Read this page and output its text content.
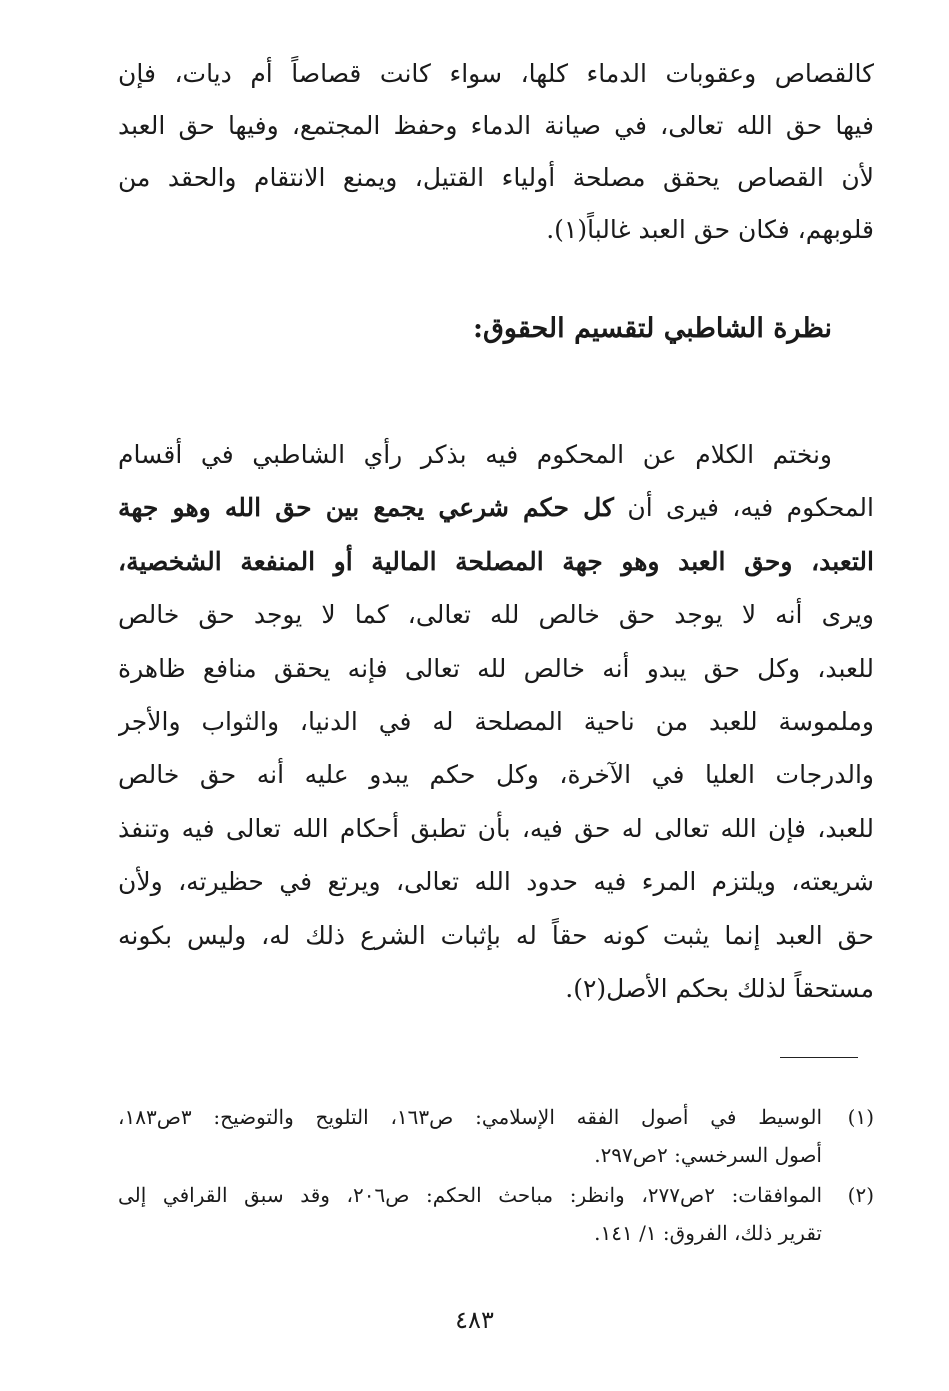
كالقصاص وعقوبات الدماء كلها، سواء كانت قصاصاً أم ديات، فإن
فيها حق الله تعالى، في صيانة الدماء وحفظ المجتمع، وفيها حق العبد
لأن القصاص يحقق مصلحة أولياء القتيل، ويمنع الانتقام والحقد من
قلوبهم، فكان حق العبد غالباً(١).
نظرة الشاطبي لتقسيم الحقوق:
ونختم الكلام عن المحكوم فيه بذكر رأي الشاطبي في أقسام
المحكوم فيه، فيرى أن كل حكم شرعي يجمع بين حق الله وهو جهة
التعبد، وحق العبد وهو جهة المصلحة المالية أو المنفعة الشخصية،
ويرى أنه لا يوجد حق خالص لله تعالى، كما لا يوجد حق خالص
للعبد، وكل حق يبدو أنه خالص لله تعالى فإنه يحقق منافع ظاهرة
وملموسة للعبد من ناحية المصلحة له في الدنيا، والثواب والأجر
والدرجات العليا في الآخرة، وكل حكم يبدو عليه أنه حق خالص
للعبد، فإن الله تعالى له حق فيه، بأن تطبق أحكام الله تعالى فيه وتنفذ
شريعته، ويلتزم المرء فيه حدود الله تعالى، ويرتع في حظيرته، ولأن
حق العبد إنما يثبت كونه حقاً له بإثبات الشرع ذلك له، وليس بكونه
مستحقاً لذلك بحكم الأصل(٢).
(١)
الوسيط في أصول الفقه الإسلامي: ص١٦٣، التلويح والتوضيح: ٣ص١٨٣،
أصول السرخسي: ٢ص٢٩٧.
(٢)
الموافقات: ٢ص٢٧٧، وانظر: مباحث الحكم: ص٢٠٦، وقد سبق القرافي إلى
تقرير ذلك، الفروق: ١/ ١٤١.
٤٨٣
